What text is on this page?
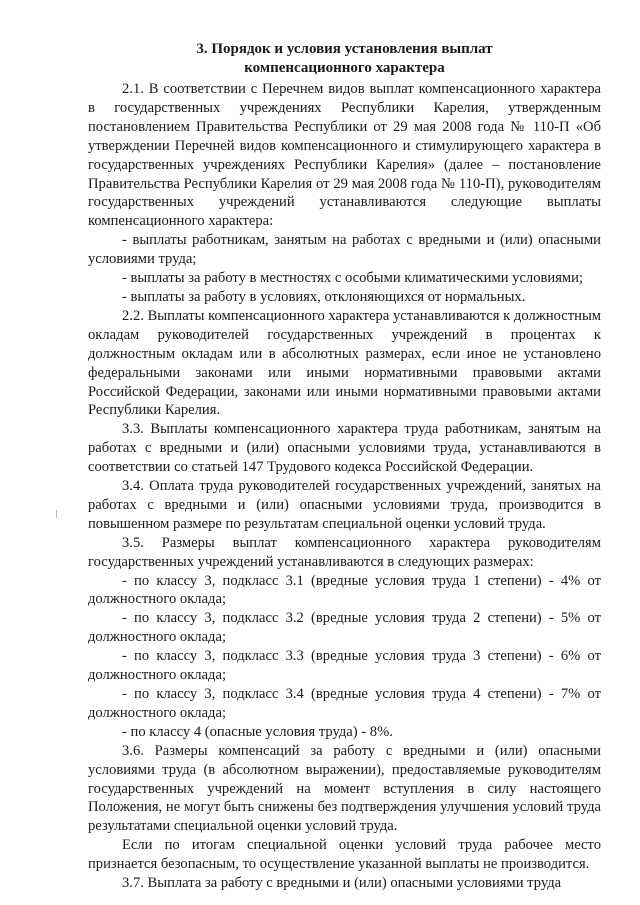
3. Порядок и условия установления выплат
компенсационного характера

2.1. В соответствии с Перечнем видов выплат компенсационного характера в государственных учреждениях Республики Карелия, утвержденным постановлением Правительства Республики от 29 мая 2008 года № 110-П «Об утверждении Перечней видов компенсационного и стимулирующего характера в государственных учреждениях Республики Карелия» (далее – постановление Правительства Республики Карелия от 29 мая 2008 года № 110-П), руководителям государственных учреждений устанавливаются следующие выплаты компенсационного характера:

- выплаты работникам, занятым на работах с вредными и (или) опасными условиями труда;

- выплаты за работу в местностях с особыми климатическими условиями;

- выплаты за работу в условиях, отклоняющихся от нормальных.

2.2. Выплаты компенсационного характера устанавливаются к должностным окладам руководителей государственных учреждений в процентах к должностным окладам или в абсолютных размерах, если иное не установлено федеральными законами или иными нормативными правовыми актами Российской Федерации, законами или иными нормативными правовыми актами Республики Карелия.

3.3. Выплаты компенсационного характера труда работникам, занятым на работах с вредными и (или) опасными условиями труда, устанавливаются в соответствии со статьей 147 Трудового кодекса Российской Федерации.

3.4. Оплата труда руководителей государственных учреждений, занятых на работах с вредными и (или) опасными условиями труда, производится в повышенном размере по результатам специальной оценки условий труда.

3.5. Размеры выплат компенсационного характера руководителям государственных учреждений устанавливаются в следующих размерах:

- по классу 3, подкласс 3.1 (вредные условия труда 1 степени) - 4% от должностного оклада;

- по классу 3, подкласс 3.2 (вредные условия труда 2 степени) - 5% от должностного оклада;

- по классу 3, подкласс 3.3 (вредные условия труда 3 степени) - 6% от должностного оклада;

- по классу 3, подкласс 3.4 (вредные условия труда 4 степени) - 7% от должностного оклада;

- по классу 4 (опасные условия труда) - 8%.

3.6. Размеры компенсаций за работу с вредными и (или) опасными условиями труда (в абсолютном выражении), предоставляемые руководителям государственных учреждений на момент вступления в силу настоящего Положения, не могут быть снижены без подтверждения улучшения условий труда результатами специальной оценки условий труда.

Если по итогам специальной оценки условий труда рабочее место признается безопасным, то осуществление указанной выплаты не производится.

3.7. Выплата за работу с вредными и (или) опасными условиями труда
